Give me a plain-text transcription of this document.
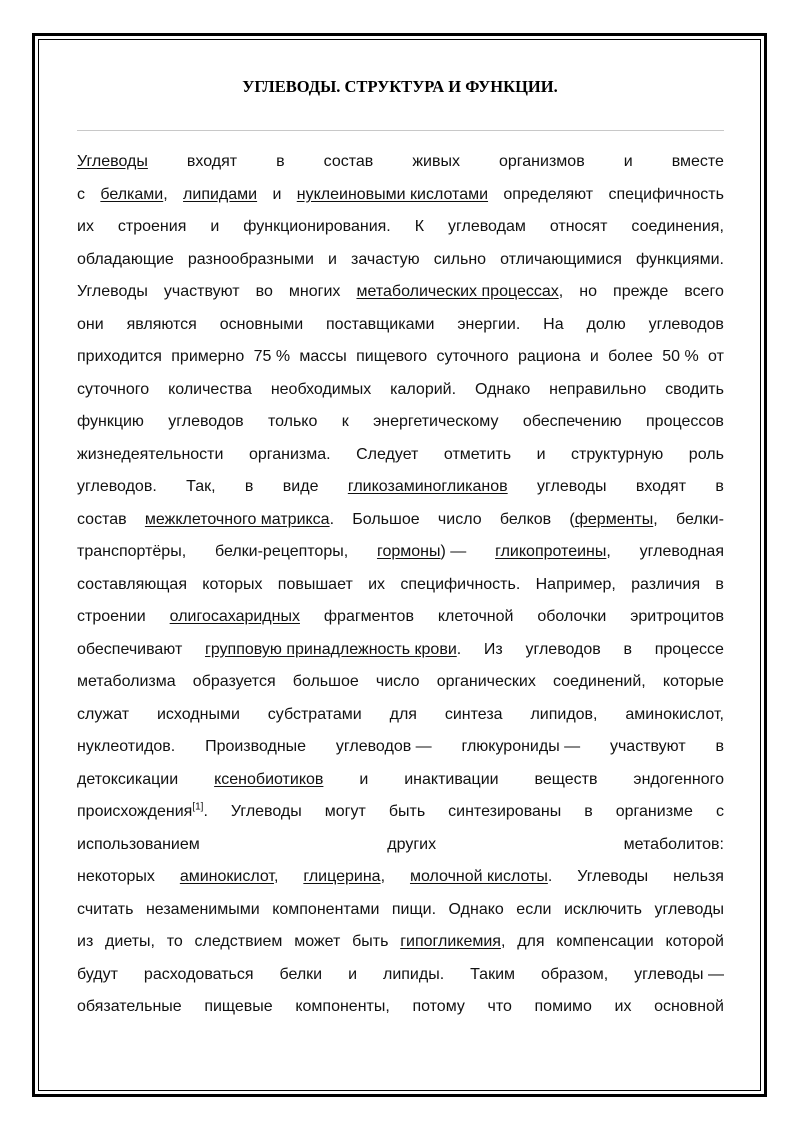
УГЛЕВОДЫ. СТРУКТУРА И ФУНКЦИИ.
Углеводы входят в состав живых организмов и вместе
с белками, липидами и нуклеиновыми кислотами определяют специфичность
их строения и функционирования. К углеводам относят соединения,
обладающие разнообразными и зачастую сильно отличающимися функциями.
Углеводы участвуют во многих метаболических процессах, но прежде всего
они являются основными поставщиками энергии. На долю углеводов
приходится примерно 75 % массы пищевого суточного рациона и более 50 % от
суточного количества необходимых калорий. Однако неправильно сводить
функцию углеводов только к энергетическому обеспечению процессов
жизнедеятельности организма. Следует отметить и структурную роль
углеводов. Так, в виде гликозаминогликанов углеводы входят в
состав межклеточного матрикса. Большое число белков (ферменты, белки-
транспортёры, белки-рецепторы, гормоны) — гликопротеины, углеводная
составляющая которых повышает их специфичность. Например, различия в
строении олигосахаридных фрагментов клеточной оболочки эритроцитов
обеспечивают групповую принадлежность крови. Из углеводов в процессе
метаболизма образуется большое число органических соединений, которые
служат исходными субстратами для синтеза липидов, аминокислот,
нуклеотидов. Производные углеводов — глюкурониды — участвуют в
детоксикации ксенобиотиков и инактивации веществ эндогенного
происхождения[1]. Углеводы могут быть синтезированы в организме с
использованием	других	метаболитов:
некоторых аминокислот, глицерина, молочной кислоты. Углеводы нельзя
считать незаменимыми компонентами пищи. Однако если исключить углеводы
из диеты, то следствием может быть гипогликемия, для компенсации которой
будут расходоваться белки и липиды. Таким образом, углеводы —
обязательные пищевые компоненты, потому что помимо их основной
